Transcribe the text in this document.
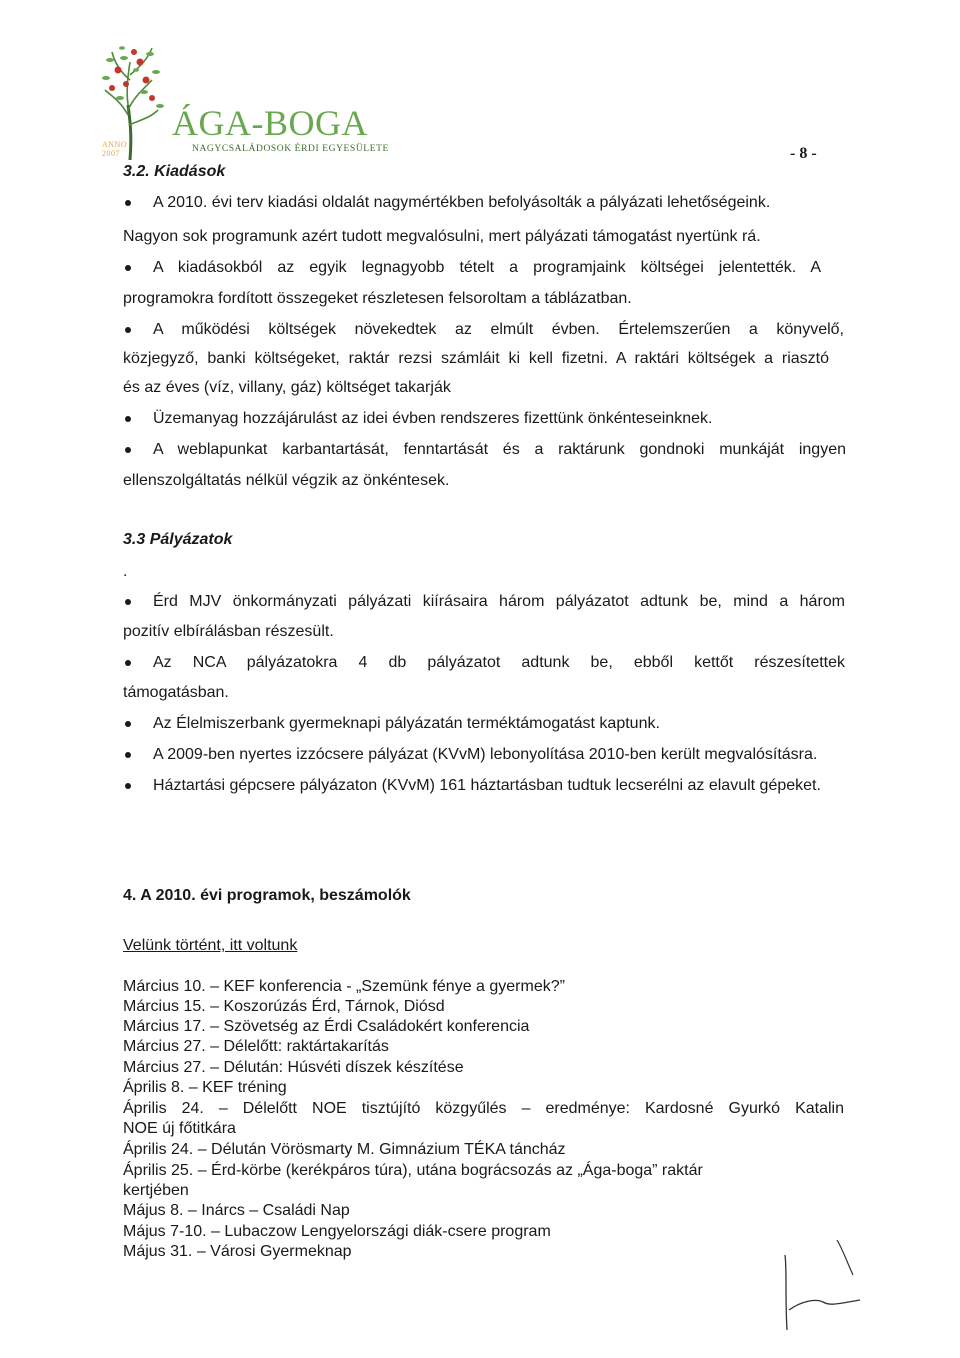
ÁGA-BOGA
ANNO 2007	NAGYCSALÁDOSOK ÉRDI EGYESÜLETE	- 8 -
3.2. Kiadások
A 2010. évi terv kiadási oldalát nagymértékben befolyásolták a pályázati lehetőségeink.
Nagyon sok programunk azért tudott megvalósulni, mert pályázati támogatást nyertünk rá.
A kiadásokból az egyik legnagyobb tételt a programjaink költségei jelentették. A
programokra fordított összegeket részletesen felsoroltam a táblázatban.
A működési költségek növekedtek az elmúlt évben. Értelemszerűen a könyvelő,
közjegyző, banki költségeket, raktár rezsi számláit ki kell fizetni. A raktári költségek a riasztó
és az éves (víz, villany, gáz) költséget takarják
Üzemanyag hozzájárulást az idei évben rendszeres fizettünk önkénteseinknek.
A weblapunkat karbantartását, fenntartását és a raktárunk gondnoki munkáját ingyen
ellenszolgáltatás nélkül végzik az önkéntesek.
3.3 Pályázatok
.
Érd MJV önkormányzati pályázati kiírásaira három pályázatot adtunk be, mind a három
pozitív elbírálásban részesült.
Az NCA pályázatokra 4 db pályázatot adtunk be, ebből kettőt részesítettek
támogatásban.
Az Élelmiszerbank gyermeknapi pályázatán terméktámogatást kaptunk.
A 2009-ben nyertes izzócsere pályázat (KVvM) lebonyolítása 2010-ben került megvalósításra.
Háztartási gépcsere pályázaton (KVvM) 161 háztartásban tudtuk lecserélni az elavult gépeket.
4. A 2010. évi programok, beszámolók
Velünk történt, itt voltunk
Március 10. – KEF konferencia - „Szemünk fénye a gyermek?”
Március 15. – Koszorúzás Érd, Tárnok, Diósd
Március 17. – Szövetség az Érdi Családokért konferencia
Március 27. – Délelőtt: raktártakarítás
Március 27. – Délután: Húsvéti díszek készítése
Április 8. – KEF tréning
Április 24. – Délelőtt NOE tisztújító közgyűlés – eredménye: Kardosné Gyurkó Katalin
NOE új főtitkára
Április 24. – Délután Vörösmarty M. Gimnázium TÉKA táncház
Április 25. – Érd-körbe (kerékpáros túra), utána bográcsozás az „Ága-boga” raktár
kertjében
Május 8. – Inárcs – Családi Nap
Május 7-10. – Lubaczow Lengyelországi diák-csere program
Május 31. – Városi Gyermeknap
